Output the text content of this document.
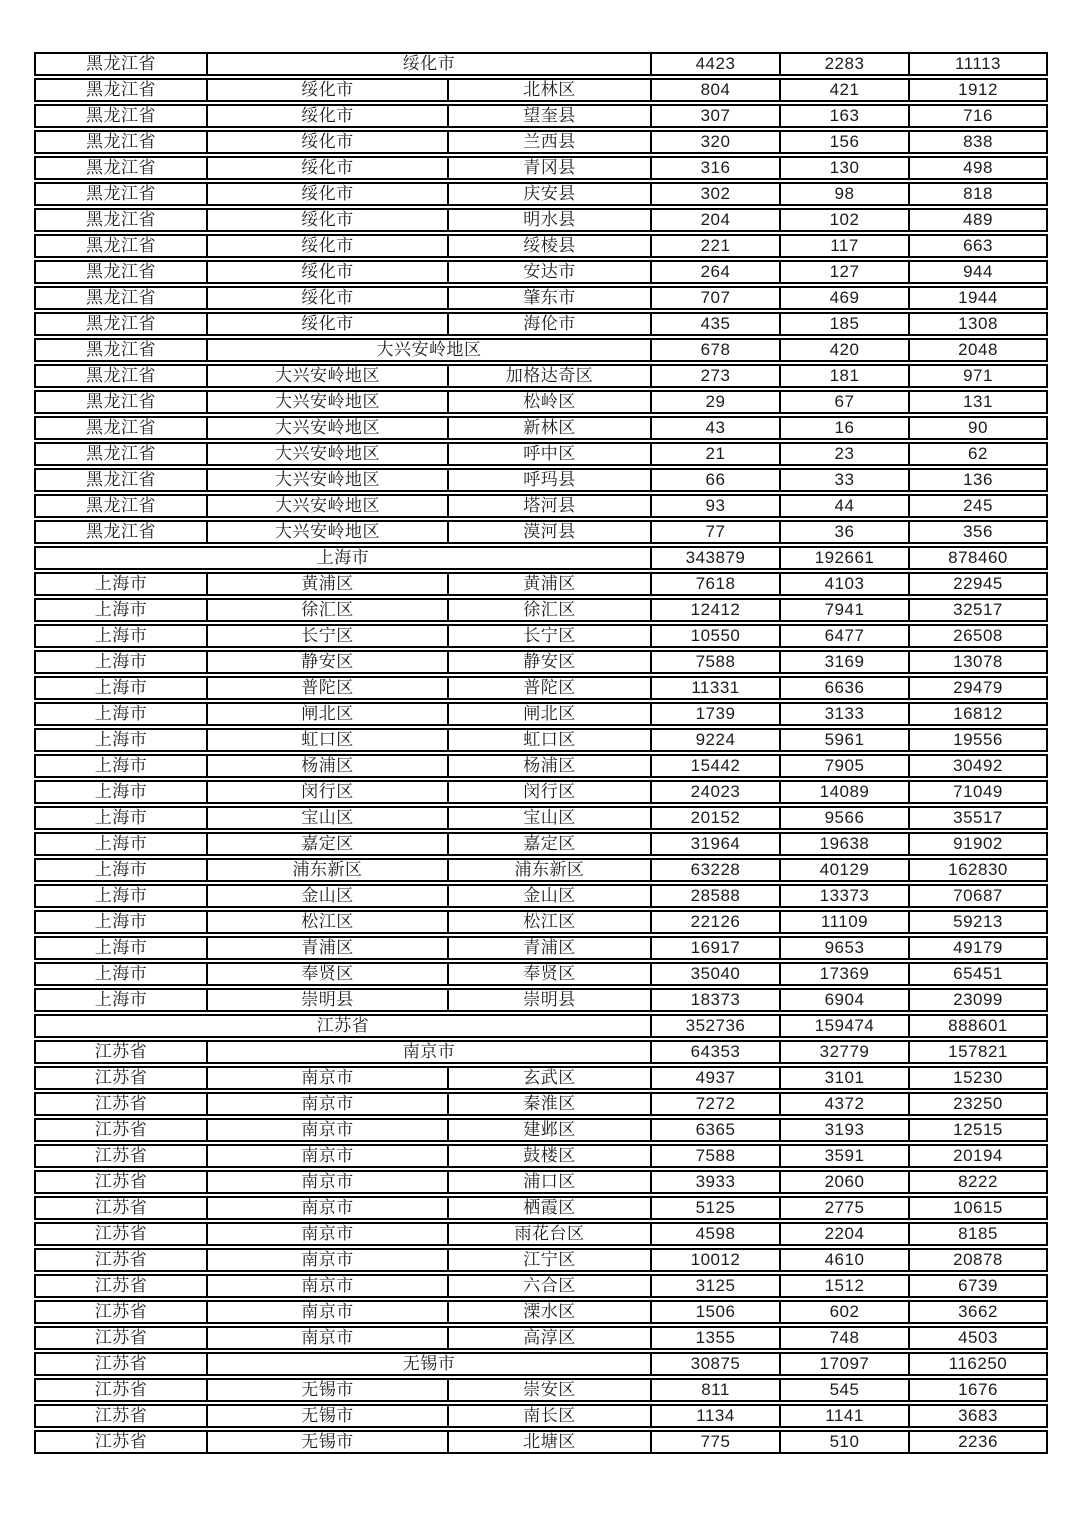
黑龙江省	绥化市	4423	2283	11113
黑龙江省	绥化市	北林区	804	421	1912
黑龙江省	绥化市	望奎县	307	163	716
黑龙江省	绥化市	兰西县	320	156	838
黑龙江省	绥化市	青冈县	316	130	498
黑龙江省	绥化市	庆安县	302	98	818
黑龙江省	绥化市	明水县	204	102	489
黑龙江省	绥化市	绥棱县	221	117	663
黑龙江省	绥化市	安达市	264	127	944
黑龙江省	绥化市	肇东市	707	469	1944
黑龙江省	绥化市	海伦市	435	185	1308
黑龙江省	大兴安岭地区	678	420	2048
黑龙江省	大兴安岭地区	加格达奇区	273	181	971
黑龙江省	大兴安岭地区	松岭区	29	67	131
黑龙江省	大兴安岭地区	新林区	43	16	90
黑龙江省	大兴安岭地区	呼中区	21	23	62
黑龙江省	大兴安岭地区	呼玛县	66	33	136
黑龙江省	大兴安岭地区	塔河县	93	44	245
黑龙江省	大兴安岭地区	漠河县	77	36	356
上海市	343879	192661	878460
上海市	黄浦区	黄浦区	7618	4103	22945
上海市	徐汇区	徐汇区	12412	7941	32517
上海市	长宁区	长宁区	10550	6477	26508
上海市	静安区	静安区	7588	3169	13078
上海市	普陀区	普陀区	11331	6636	29479
上海市	闸北区	闸北区	1739	3133	16812
上海市	虹口区	虹口区	9224	5961	19556
上海市	杨浦区	杨浦区	15442	7905	30492
上海市	闵行区	闵行区	24023	14089	71049
上海市	宝山区	宝山区	20152	9566	35517
上海市	嘉定区	嘉定区	31964	19638	91902
上海市	浦东新区	浦东新区	63228	40129	162830
上海市	金山区	金山区	28588	13373	70687
上海市	松江区	松江区	22126	11109	59213
上海市	青浦区	青浦区	16917	9653	49179
上海市	奉贤区	奉贤区	35040	17369	65451
上海市	崇明县	崇明县	18373	6904	23099
江苏省	352736	159474	888601
江苏省	南京市	64353	32779	157821
江苏省	南京市	玄武区	4937	3101	15230
江苏省	南京市	秦淮区	7272	4372	23250
江苏省	南京市	建邺区	6365	3193	12515
江苏省	南京市	鼓楼区	7588	3591	20194
江苏省	南京市	浦口区	3933	2060	8222
江苏省	南京市	栖霞区	5125	2775	10615
江苏省	南京市	雨花台区	4598	2204	8185
江苏省	南京市	江宁区	10012	4610	20878
江苏省	南京市	六合区	3125	1512	6739
江苏省	南京市	溧水区	1506	602	3662
江苏省	南京市	高淳区	1355	748	4503
江苏省	无锡市	30875	17097	116250
江苏省	无锡市	崇安区	811	545	1676
江苏省	无锡市	南长区	1134	1141	3683
江苏省	无锡市	北塘区	775	510	2236
